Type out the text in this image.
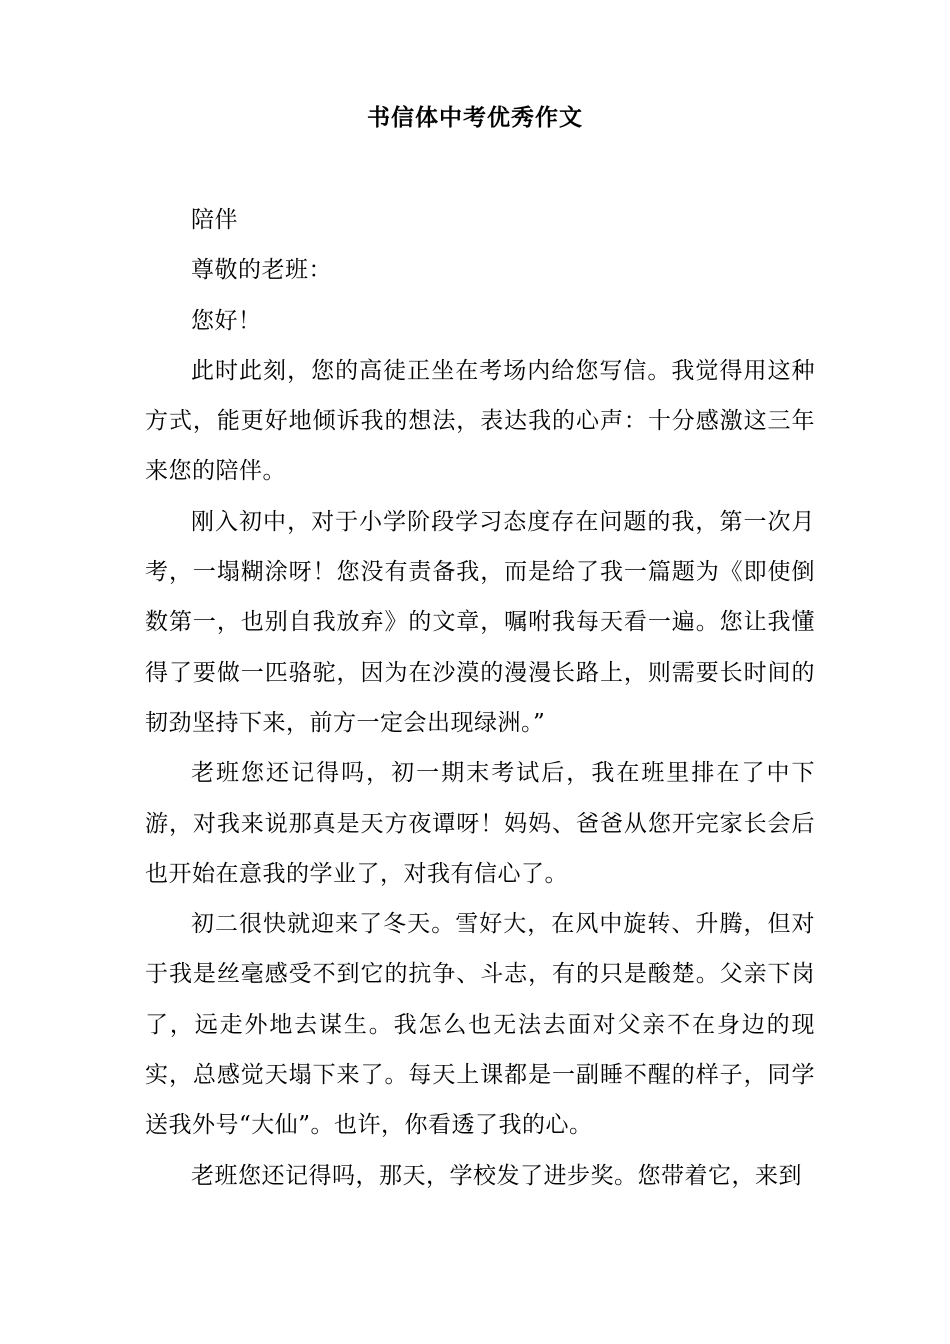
书信体中考优秀作文

陪伴

尊敬的老班：

您好！

此时此刻，您的高徒正坐在考场内给您写信。我觉得用这种方式，能更好地倾诉我的想法，表达我的心声：十分感激这三年来您的陪伴。

刚入初中，对于小学阶段学习态度存在问题的我，第一次月考，一塌糊涂呀！您没有责备我，而是给了我一篇题为《即使倒数第一，也别自我放弃》的文章，嘱咐我每天看一遍。您让我懂得了要做一匹骆驼，因为在沙漠的漫漫长路上，则需要长时间的韧劲坚持下来，前方一定会出现绿洲。”

老班您还记得吗，初一期末考试后，我在班里排在了中下游，对我来说那真是天方夜谭呀！妈妈、爸爸从您开完家长会后也开始在意我的学业了，对我有信心了。

初二很快就迎来了冬天。雪好大，在风中旋转、升腾，但对于我是丝毫感受不到它的抗争、斗志，有的只是酸楚。父亲下岗了，远走外地去谋生。我怎么也无法去面对父亲不在身边的现实，总感觉天塌下来了。每天上课都是一副睡不醒的样子，同学送我外号“大仙”。也许，你看透了我的心。

老班您还记得吗，那天，学校发了进步奖。您带着它，来到
